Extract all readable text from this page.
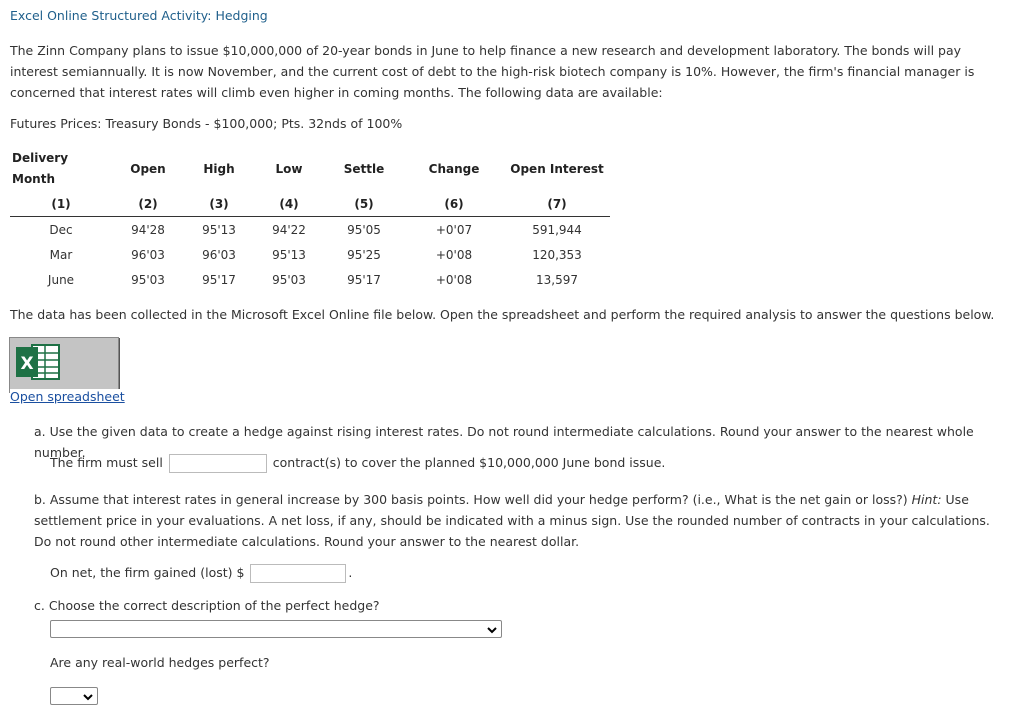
Excel Online Structured Activity: Hedging
The Zinn Company plans to issue $10,000,000 of 20-year bonds in June to help finance a new research and development laboratory. The bonds will pay interest semiannually. It is now November, and the current cost of debt to the high-risk biotech company is 10%. However, the firm's financial manager is concerned that interest rates will climb even higher in coming months. The following data are available:
Futures Prices: Treasury Bonds - $100,000; Pts. 32nds of 100%
Delivery Month	Open	High	Low	Settle	Change	Open Interest
(1)	(2)	(3)	(4)	(5)	(6)	(7)
Dec	94'28	95'13	94'22	95'05	+0'07	591,944
Mar	96'03	96'03	95'13	95'25	+0'08	120,353
June	95'03	95'17	95'03	95'17	+0'08	13,597
The data has been collected in the Microsoft Excel Online file below. Open the spreadsheet and perform the required analysis to answer the questions below.
X
Open spreadsheet
a. Use the given data to create a hedge against rising interest rates. Do not round intermediate calculations. Round your answer to the nearest whole number.
The firm must sell	contract(s) to cover the planned $10,000,000 June bond issue.
b. Assume that interest rates in general increase by 300 basis points. How well did your hedge perform? (i.e., What is the net gain or loss?) Hint: Use settlement price in your evaluations. A net loss, if any, should be indicated with a minus sign. Use the rounded number of contracts in your calculations. Do not round other intermediate calculations. Round your answer to the nearest dollar.
On net, the firm gained (lost) $	.
c. Choose the correct description of the perfect hedge?
Are any real-world hedges perfect?
